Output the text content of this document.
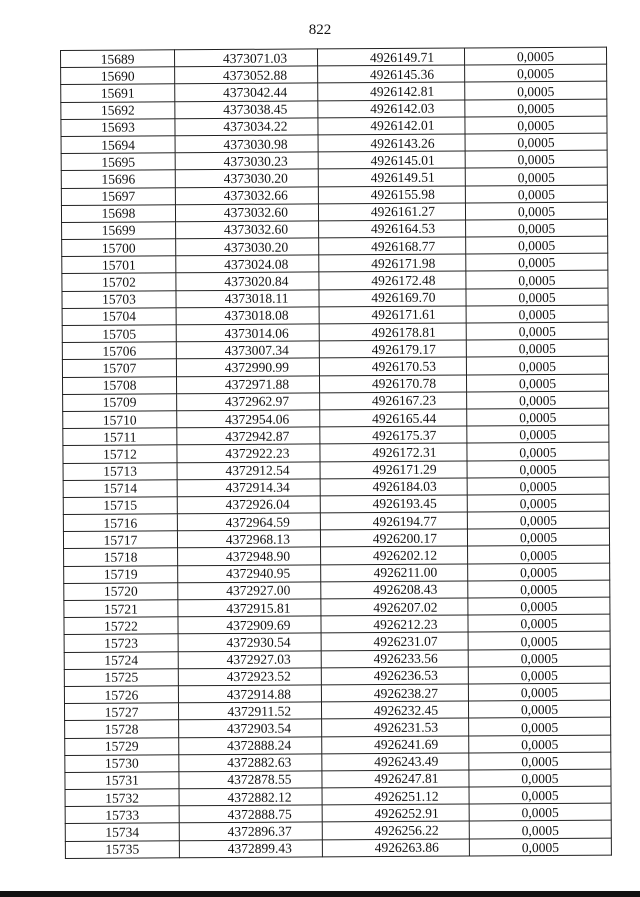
822
15689	4373071.03	4926149.71	0,0005
15690	4373052.88	4926145.36	0,0005
15691	4373042.44	4926142.81	0,0005
15692	4373038.45	4926142.03	0,0005
15693	4373034.22	4926142.01	0,0005
15694	4373030.98	4926143.26	0,0005
15695	4373030.23	4926145.01	0,0005
15696	4373030.20	4926149.51	0,0005
15697	4373032.66	4926155.98	0,0005
15698	4373032.60	4926161.27	0,0005
15699	4373032.60	4926164.53	0,0005
15700	4373030.20	4926168.77	0,0005
15701	4373024.08	4926171.98	0,0005
15702	4373020.84	4926172.48	0,0005
15703	4373018.11	4926169.70	0,0005
15704	4373018.08	4926171.61	0,0005
15705	4373014.06	4926178.81	0,0005
15706	4373007.34	4926179.17	0,0005
15707	4372990.99	4926170.53	0,0005
15708	4372971.88	4926170.78	0,0005
15709	4372962.97	4926167.23	0,0005
15710	4372954.06	4926165.44	0,0005
15711	4372942.87	4926175.37	0,0005
15712	4372922.23	4926172.31	0,0005
15713	4372912.54	4926171.29	0,0005
15714	4372914.34	4926184.03	0,0005
15715	4372926.04	4926193.45	0,0005
15716	4372964.59	4926194.77	0,0005
15717	4372968.13	4926200.17	0,0005
15718	4372948.90	4926202.12	0,0005
15719	4372940.95	4926211.00	0,0005
15720	4372927.00	4926208.43	0,0005
15721	4372915.81	4926207.02	0,0005
15722	4372909.69	4926212.23	0,0005
15723	4372930.54	4926231.07	0,0005
15724	4372927.03	4926233.56	0,0005
15725	4372923.52	4926236.53	0,0005
15726	4372914.88	4926238.27	0,0005
15727	4372911.52	4926232.45	0,0005
15728	4372903.54	4926231.53	0,0005
15729	4372888.24	4926241.69	0,0005
15730	4372882.63	4926243.49	0,0005
15731	4372878.55	4926247.81	0,0005
15732	4372882.12	4926251.12	0,0005
15733	4372888.75	4926252.91	0,0005
15734	4372896.37	4926256.22	0,0005
15735	4372899.43	4926263.86	0,0005
